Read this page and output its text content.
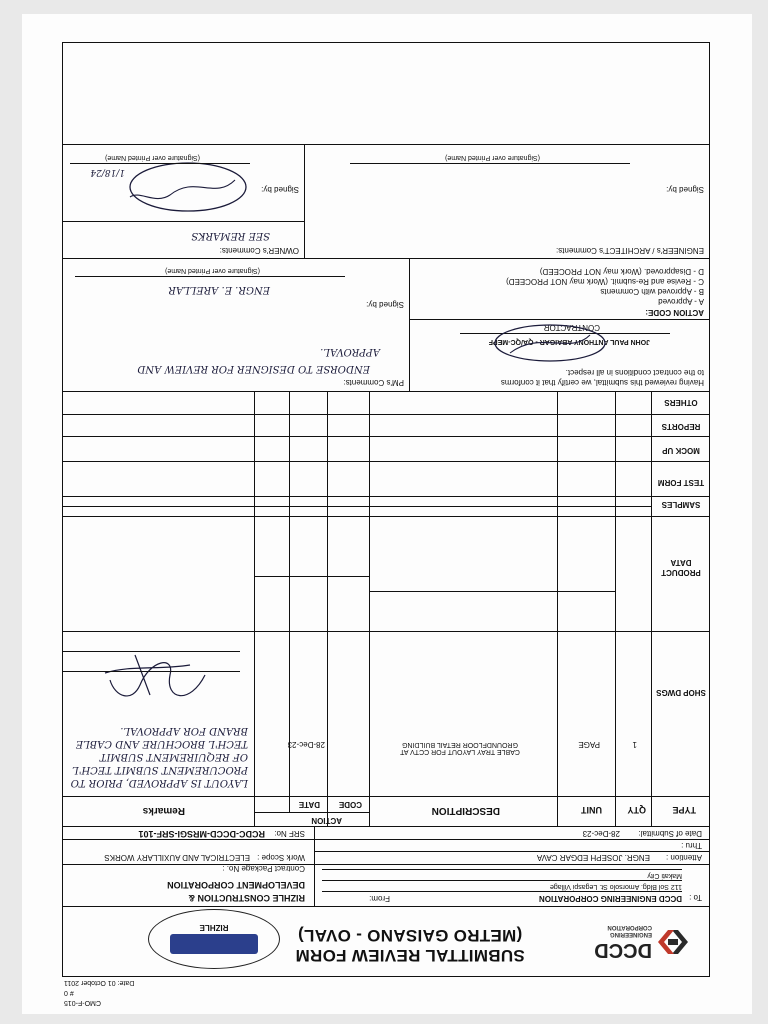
CMO-F-015
# 0
Date: 01 October 2011
RIZHLE
SUBMITTAL REVIEW FORM
(METRO GAISANO - OVAL)
DCCD
ENGINEERING
CORPORATION
To :
DCCD ENGINEERING CORPORATION
112 Sol Bldg. Amorsolo St. Legaspi Village
Makati City
From:
RIZHLE CONSTRUCTION &
DEVELOPMENT CORPORATION
Attention :
ENGR. JOSEPH EDGAR CAVA
Contract Package No. :
Work Scope :
ELECTRICAL AND AUXILLARY WORKS
Thru :
Date of Submittal:
28-Dec-23
SRF No:
RCDC-DCCD-MRSGI-SRF-101
TYPE
QTY
UNIT
DESCRIPTION
ACTION
CODE
DATE
Remarks
1
PAGE
CABLE TRAY LAYOUT FOR CCTV AT
GROUNDFLOOR RETAIL BUILDING
28-Dec-23
LAYOUT IS APPROVED, PRIOR TO PROCUREMENT SUBMIT TECH'L OF REQUIREMENT SUBMIT TECH'L BROCHURE AND CABLE BRAND FOR APPROVAL.
SHOP DWGS
PRODUCT DATA
SAMPLES
TEST FORM
MOCK UP
REPORTS
OTHERS
Having reviewed this submittal, we certify that it conforms
to the contract conditions in all respect.
JOHN PAUL ANTHONY ABAIGAR - QA/QC-MEPF
CONTRACTOR
ACTION CODE:
A - Approved
B - Approved with Comments
C - Revise and Re-submit. (Work may NOT PROCEED)
D - Disapproved. (Work may NOT PROCEED)
PM's Comments:
ENDORSE TO DESIGNER FOR REVIEW AND
APPROVAL.
Signed by:
ENGR. E. ARELLAR
(Signature over Printed Name)
ENGINEER's / ARCHITECT's Comments:
Signed by:
(Signature over Printed Name)
OWNER's Comments:
SEE REMARKS
Signed by:
1/18/24
(Signature over Printed Name)
